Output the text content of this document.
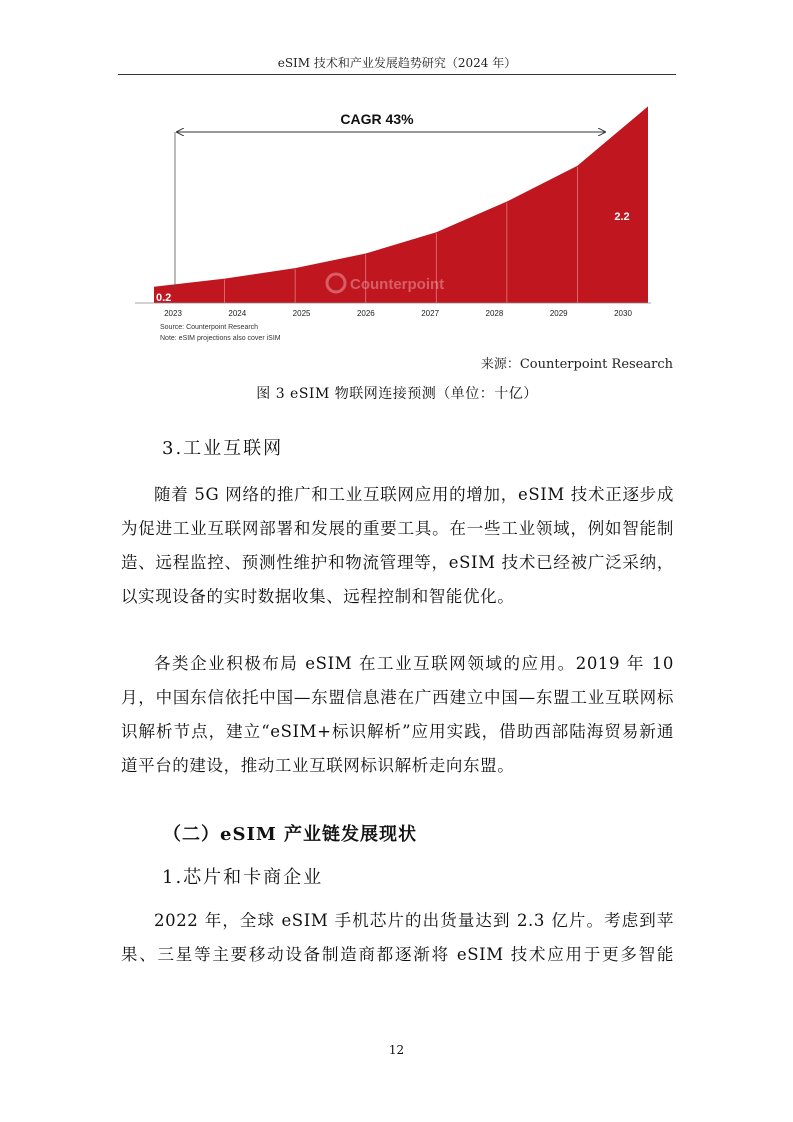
eSIM 技术和产业发展趋势研究（2024 年）
2023	2024	2025	2026	2027	2028	2029	2030
CAGR 43%
Counterpoint
0.2
2.2
Source: Counterpoint Research
Note: eSIM projections also cover iSIM
来源：Counterpoint Research
图 3 eSIM 物联网连接预测（单位：十亿）
3.工业互联网

随着 5G 网络的推广和工业互联网应用的增加，eSIM 技术正逐步成为促进工业互联网部署和发展的重要工具。在一些工业领域，例如智能制造、远程监控、预测性维护和物流管理等，eSIM 技术已经被广泛采纳，以实现设备的实时数据收集、远程控制和智能优化。

各类企业积极布局 eSIM 在工业互联网领域的应用。2019 年 10 月，中国东信依托中国—东盟信息港在广西建立中国—东盟工业互联网标识解析节点，建立“eSIM+标识解析”应用实践，借助西部陆海贸易新通道平台的建设，推动工业互联网标识解析走向东盟。

（二）eSIM 产业链发展现状
1.芯片和卡商企业

2022 年，全球 eSIM 手机芯片的出货量达到 2.3 亿片。考虑到苹果、三星等主要移动设备制造商都逐渐将 eSIM 技术应用于更多智能

12
